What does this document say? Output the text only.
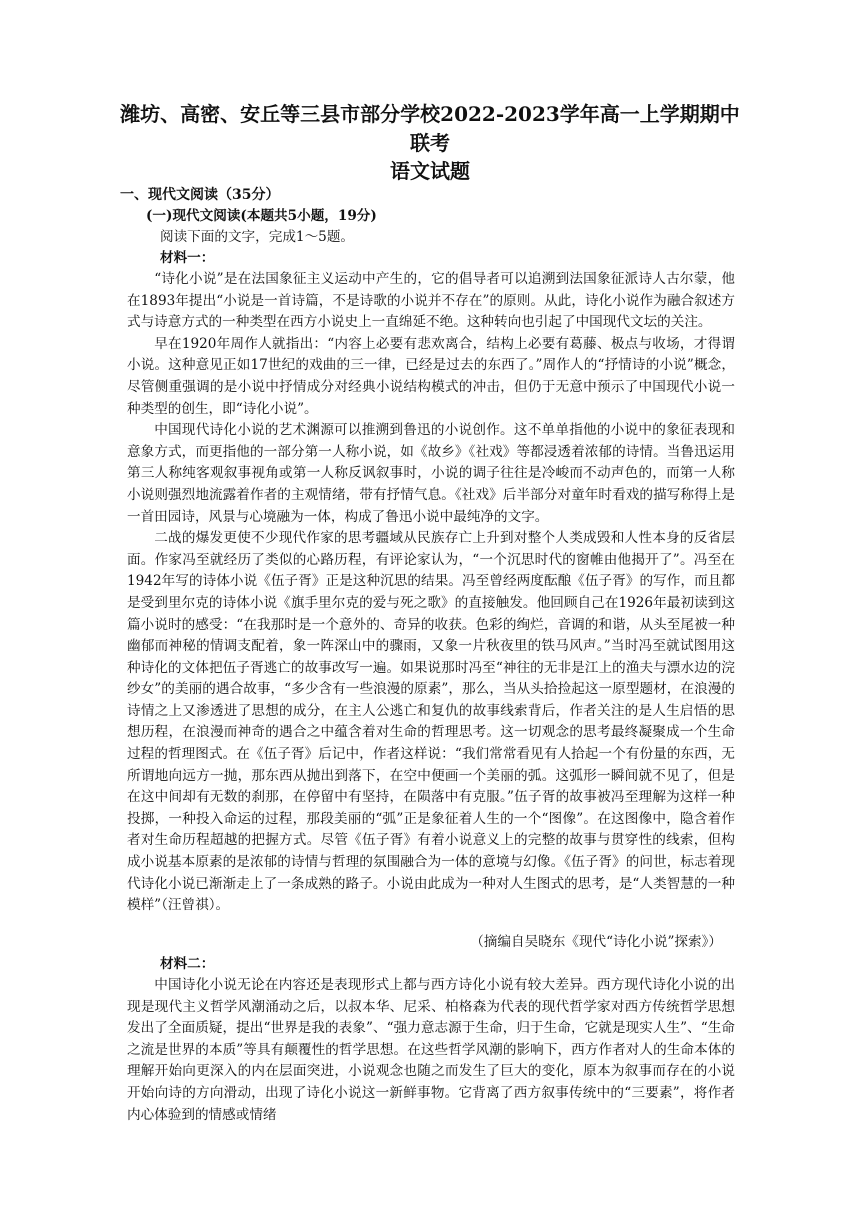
潍坊、高密、安丘等三县市部分学校2022-2023学年高一上学期期中
联考
语文试题
一、现代文阅读（35分）
(一)现代文阅读(本题共5小题，19分)
阅读下面的文字，完成1～5题。
材料一：

“诗化小说”是在法国象征主义运动中产生的，它的倡导者可以追溯到法国象征派诗人古尔蒙，他在1893年提出“小说是一首诗篇，不是诗歌的小说并不存在”的原则。从此，诗化小说作为融合叙述方式与诗意方式的一种类型在西方小说史上一直绵延不绝。这种转向也引起了中国现代文坛的关注。

早在1920年周作人就指出：“内容上必要有悲欢离合，结构上必要有葛藤、极点与收场，才得谓小说。这种意见正如17世纪的戏曲的三一律，已经是过去的东西了。”周作人的“抒情诗的小说”概念，尽管侧重强调的是小说中抒情成分对经典小说结构模式的冲击，但仍于无意中预示了中国现代小说一种类型的创生，即“诗化小说”。

中国现代诗化小说的艺术渊源可以推溯到鲁迅的小说创作。这不单单指他的小说中的象征表现和意象方式，而更指他的一部分第一人称小说，如《故乡》《社戏》等都浸透着浓郁的诗情。当鲁迅运用第三人称纯客观叙事视角或第一人称反讽叙事时，小说的调子往往是冷峻而不动声色的，而第一人称小说则强烈地流露着作者的主观情绪，带有抒情气息。《社戏》后半部分对童年时看戏的描写称得上是一首田园诗，风景与心境融为一体，构成了鲁迅小说中最纯净的文字。

二战的爆发更使不少现代作家的思考疆域从民族存亡上升到对整个人类成毁和人性本身的反省层面。作家冯至就经历了类似的心路历程，有评论家认为，“一个沉思时代的窗帷由他揭开了”。冯至在1942年写的诗体小说《伍子胥》正是这种沉思的结果。冯至曾经两度酝酿《伍子胥》的写作，而且都是受到里尔克的诗体小说《旗手里尔克的爱与死之歌》的直接触发。他回顾自己在1926年最初读到这篇小说时的感受：“在我那时是一个意外的、奇异的收获。色彩的绚烂，音调的和谐，从头至尾被一种幽郁而神秘的情调支配着，象一阵深山中的骤雨，又象一片秋夜里的铁马风声。”当时冯至就试图用这种诗化的文体把伍子胥逃亡的故事改写一遍。如果说那时冯至“神往的无非是江上的渔夫与漂水边的浣纱女”的美丽的遇合故事，“多少含有一些浪漫的原素”，那么，当从头拾捡起这一原型题材，在浪漫的诗情之上又渗透进了思想的成分，在主人公逃亡和复仇的故事线索背后，作者关注的是人生启悟的思想历程，在浪漫而神奇的遇合之中蕴含着对生命的哲理思考。这一切观念的思考最终凝聚成一个生命过程的哲理图式。在《伍子胥》后记中，作者这样说：“我们常常看见有人拾起一个有份量的东西，无所谓地向远方一抛，那东西从抛出到落下，在空中便画一个美丽的弧。这弧形一瞬间就不见了，但是在这中间却有无数的刹那，在停留中有坚持，在陨落中有克服。”伍子胥的故事被冯至理解为这样一种投掷，一种投入命运的过程，那段美丽的“弧”正是象征着人生的一个“图像”。在这图像中，隐含着作者对生命历程超越的把握方式。尽管《伍子胥》有着小说意义上的完整的故事与贯穿性的线索，但构成小说基本原素的是浓郁的诗情与哲理的氛围融合为一体的意境与幻像。《伍子胥》的问世，标志着现代诗化小说已渐渐走上了一条成熟的路子。小说由此成为一种对人生图式的思考，是“人类智慧的一种模样”（汪曾祺）。

（摘编自吴晓东《现代“诗化小说”探索》）
材料二：

中国诗化小说无论在内容还是表现形式上都与西方诗化小说有较大差异。西方现代诗化小说的出现是现代主义哲学风潮涌动之后，以叔本华、尼采、柏格森为代表的现代哲学家对西方传统哲学思想发出了全面质疑，提出“世界是我的表象”、“强力意志源于生命，归于生命，它就是现实人生”、“生命之流是世界的本质”等具有颠覆性的哲学思想。在这些哲学风潮的影响下，西方作者对人的生命本体的理解开始向更深入的内在层面突进，小说观念也随之而发生了巨大的变化，原本为叙事而存在的小说开始向诗的方向滑动，出现了诗化小说这一新鲜事物。它背离了西方叙事传统中的“三要素”，将作者内心体验到的情感或情绪
